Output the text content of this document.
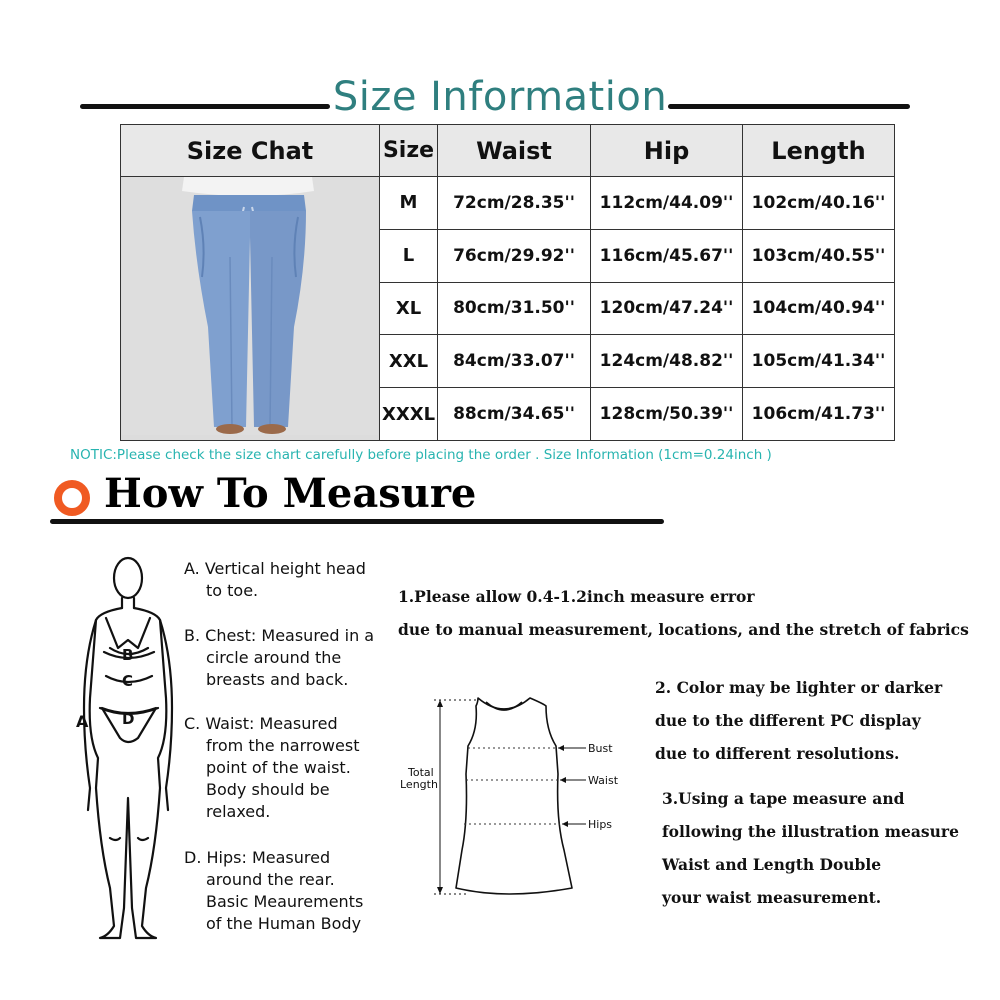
Size Information
Size Chat	Size	Waist	Hip	Length
	M	72cm/28.35''	112cm/44.09''	102cm/40.16''
	L	76cm/29.92''	116cm/45.67''	103cm/40.55''
	XL	80cm/31.50''	120cm/47.24''	104cm/40.94''
	XXL	84cm/33.07''	124cm/48.82''	105cm/41.34''
	XXXL	88cm/34.65''	128cm/50.39''	106cm/41.73''
NOTIC:Please check the size chart carefully before placing the order . Size Information (1cm=0.24inch )
How To Measure
B
C
D
A
A. Vertical height head
to toe.
B. Chest: Measured in a
circle around the
breasts and back.
C. Waist: Measured
from the narrowest
point of the waist.
Body should be
relaxed.
D. Hips: Measured
around the rear.
Basic Meaurements
of the Human Body
1.Please allow 0.4-1.2inch measure error
due to manual measurement, locations, and the stretch of fabrics
Bust
Waist
Hips
Total
Length
2. Color may be lighter or darker
due to the different PC display
due to different resolutions.
3.Using a tape measure and
following the illustration measure
Waist and Length Double
your waist measurement.
